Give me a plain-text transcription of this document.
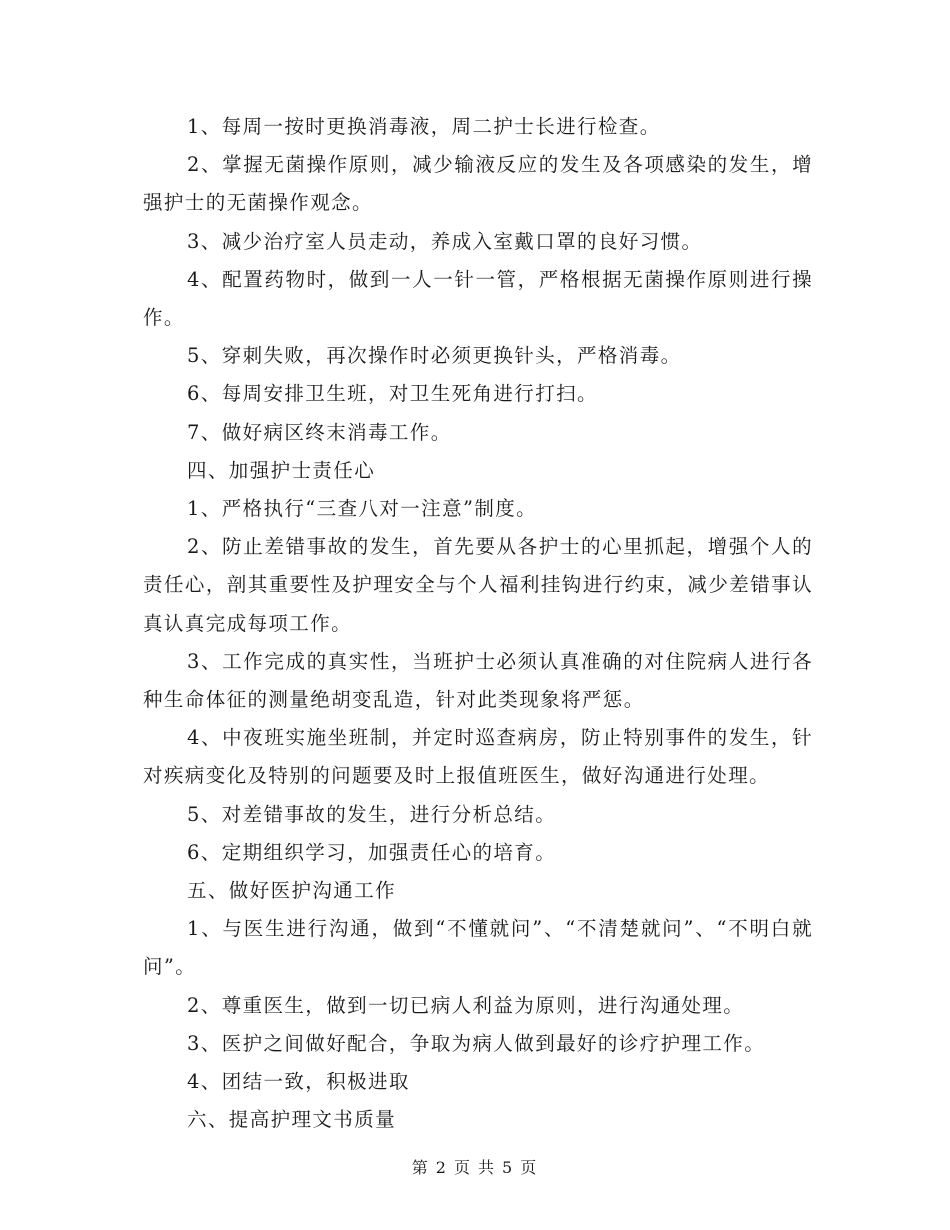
1、每周一按时更换消毒液，周二护士长进行检查。

2、掌握无菌操作原则，减少输液反应的发生及各项感染的发生，增强护士的无菌操作观念。

3、减少治疗室人员走动，养成入室戴口罩的良好习惯。

4、配置药物时，做到一人一针一管，严格根据无菌操作原则进行操作。

5、穿刺失败，再次操作时必须更换针头，严格消毒。

6、每周安排卫生班，对卫生死角进行打扫。

7、做好病区终末消毒工作。

四、加强护士责任心

1、严格执行“三查八对一注意”制度。

2、防止差错事故的发生，首先要从各护士的心里抓起，增强个人的责任心，剖其重要性及护理安全与个人福利挂钩进行约束，减少差错事认真认真完成每项工作。

3、工作完成的真实性，当班护士必须认真准确的对住院病人进行各种生命体征的测量绝胡变乱造，针对此类现象将严惩。

4、中夜班实施坐班制，并定时巡查病房，防止特别事件的发生，针对疾病变化及特别的问题要及时上报值班医生，做好沟通进行处理。

5、对差错事故的发生，进行分析总结。

6、定期组织学习，加强责任心的培育。

五、做好医护沟通工作

1、与医生进行沟通，做到“不懂就问”、“不清楚就问”、“不明白就问”。

2、尊重医生，做到一切已病人利益为原则，进行沟通处理。

3、医护之间做好配合，争取为病人做到最好的诊疗护理工作。

4、团结一致，积极进取

六、提高护理文书质量

第 2 页 共 5 页
